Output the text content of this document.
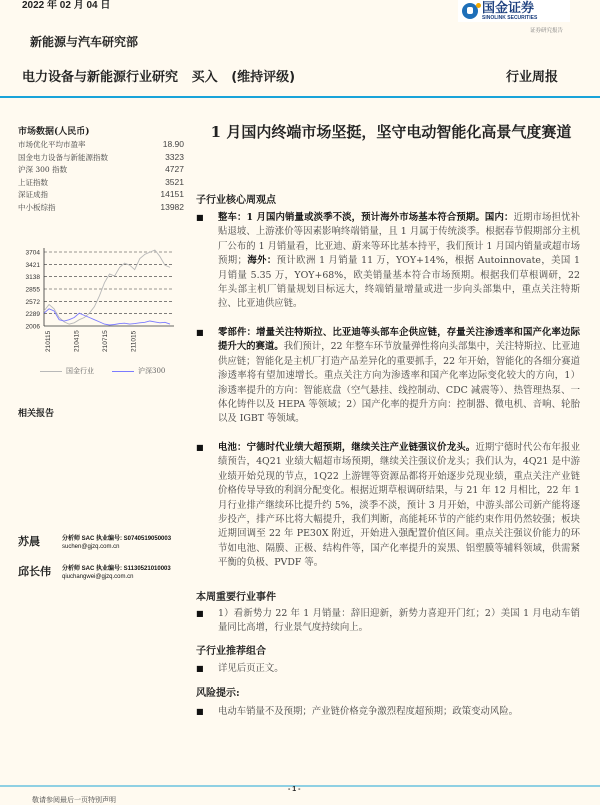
2022 年 02 月 04 日	国金证券
SINOLINK SECURITIES
证券研究报告
新能源与汽车研究部
电力设备与新能源行业研究 买入 (维持评级)	行业周报
市场数据(人民币)
市场优化平均市盈率	18.90
国金电力设备与新能源指数	3323
沪深 300 指数	4727
上证指数	3521
深证成指	14151
中小板综指	13982
3704
3421
3138
2855
2572
2289
2006
210115	210415	210715	211015
国金行业	沪深300
相关报告
苏晨	分析师 SAC 执业编号: S0740519050003
suchen@gjzq.com.cn
邱长伟 分析师 SAC 执业编号: S1130521010003
qiuchangwei@gjzq.com.cn
1 月国内终端市场坚挺，坚守电动智能化高景气度赛道
子行业核心周观点
■	整车：1 月国内销量或淡季不淡，预计海外市场基本符合预期。国内：近期市场担忧补贴退坡、上游涨价等因素影响终端销量，且 1 月属于传统淡季。根据春节假期部分主机厂公布的 1 月销量看，比亚迪、蔚来等环比基本持平，我们预计 1 月国内销量或超市场预期；海外：预计欧洲 1 月销量 11 万，YOY+14%，根据 Autoinnovate，美国 1 月销量 5.35 万，YOY+68%，欧美销量基本符合市场预期。根据我们草根调研，22 年头部主机厂销量规划目标远大，终端销量增量或进一步向头部集中，重点关注特斯拉、比亚迪供应链。
■	零部件：增量关注特斯拉、比亚迪等头部车企供应链，存量关注渗透率和国产化率边际提升大的赛道。我们预计，22 年整车环节放量弹性将向头部集中，关注特斯拉、比亚迪供应链；智能化是主机厂打造产品差异化的重要抓手，22 年开始，智能化的各细分赛道渗透率将有望加速增长。重点关注方向为渗透率和国产化率边际变化较大的方向，1）渗透率提升的方向：智能底盘（空气悬挂、线控制动、CDC 减震等）、热管理热泵、一体化铸件以及 HEPA 等领域；2）国产化率的提升方向：控制器、微电机、音响、轮胎以及 IGBT 等领域。
■	电池：宁德时代业绩大超预期，继续关注产业链强议价龙头。近期宁德时代公布年报业绩预告，4Q21 业绩大幅超市场预期，继续关注强议价龙头；我们认为，4Q21 是中游业绩开始兑现的节点，1Q22 上游锂等资源品都将开始逐步兑现业绩，重点关注产业链价格传导导致的利润分配变化。根据近期草根调研结果，与 21 年 12 月相比，22 年 1 月行业排产继续环比提升约 5%，淡季不淡，预计 3 月开始，中游头部公司新产能将逐步投产，排产环比将大幅提升，我们判断，高能耗环节的产能约束作用仍然较强；板块近期回调至 22 年 PE30X 附近，开始进入强配置价值区间。重点关注强议价能力的环节如电池、隔膜、正极、结构件等，国产化率提升的炭黑、铝塑膜等辅料领域，供需紧平衡的负极、PVDF 等。
本周重要行业事件
■	1）看新势力 22 年 1 月销量：辞旧迎新，新势力喜迎开门红；2）美国 1 月电动车销量同比高增，行业景气度持续向上。
子行业推荐组合
■	详见后页正文。
风险提示:
■	电动车销量不及预期；产业链价格竞争激烈程度超预期；政策变动风险。
- 1 -
敬请参阅最后一页特别声明
